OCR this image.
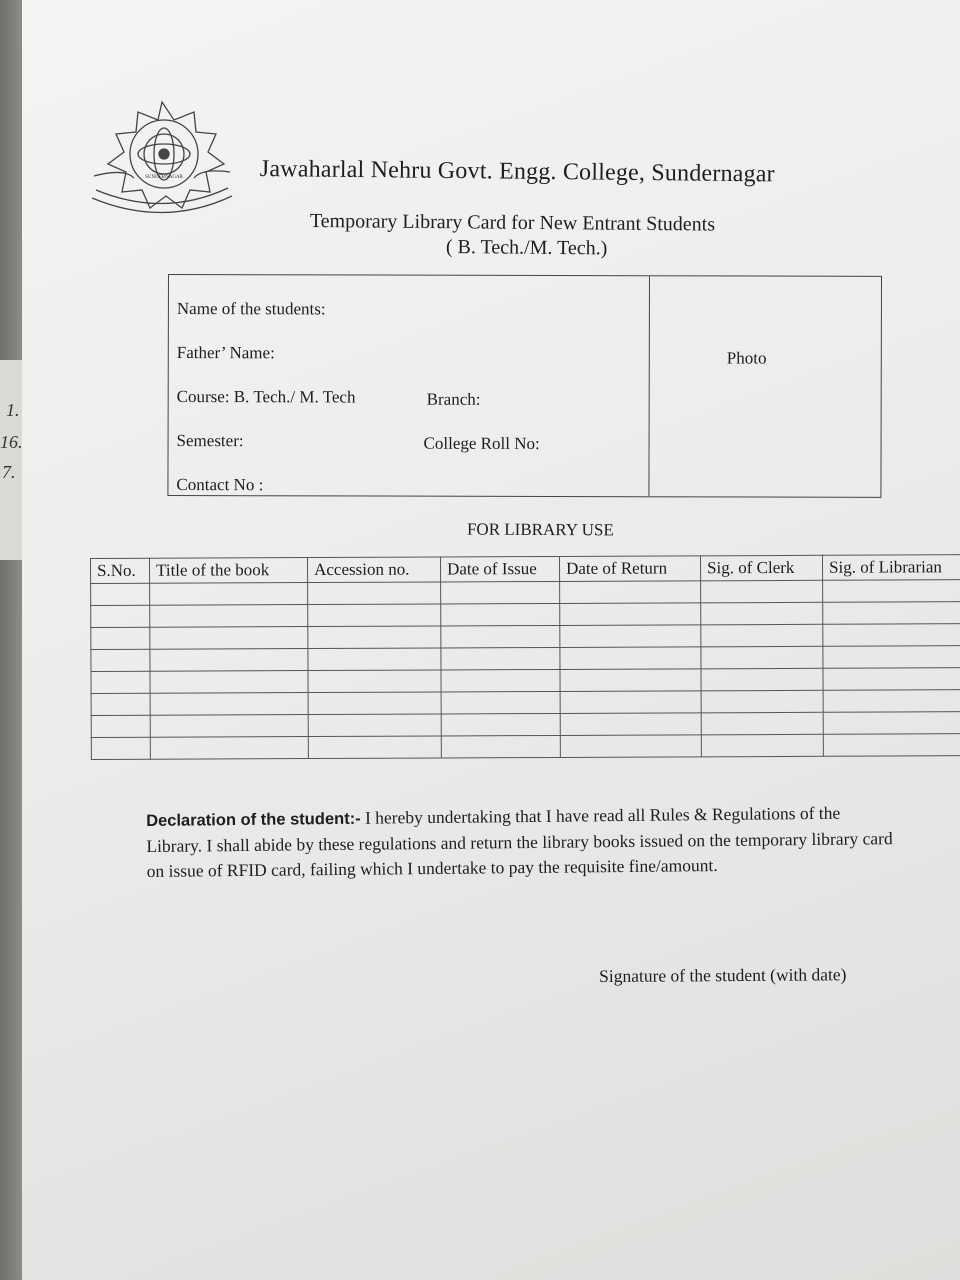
1.
16.
7.
SUNDERNAGAR	Jawaharlal Nehru Govt. Engg. College, Sundernagar
Temporary Library Card for New Entrant Students
( B. Tech./M. Tech.)
Name of the students:
Father’ Name:
Course: B. Tech./ M. Tech	Branch:
Semester:	College Roll No:
Contact No :
Photo
FOR LIBRARY USE
S.No.	Title of the book	Accession no.	Date of Issue	Date of Return	Sig. of Clerk	Sig. of Librarian

Declaration of the student:- I hereby undertaking that I have read all Rules & Regulations of the Library. I shall abide by these regulations and return the library books issued on the temporary library card on issue of RFID card, failing which I undertake to pay the requisite fine/amount.
Signature of the student (with date)
